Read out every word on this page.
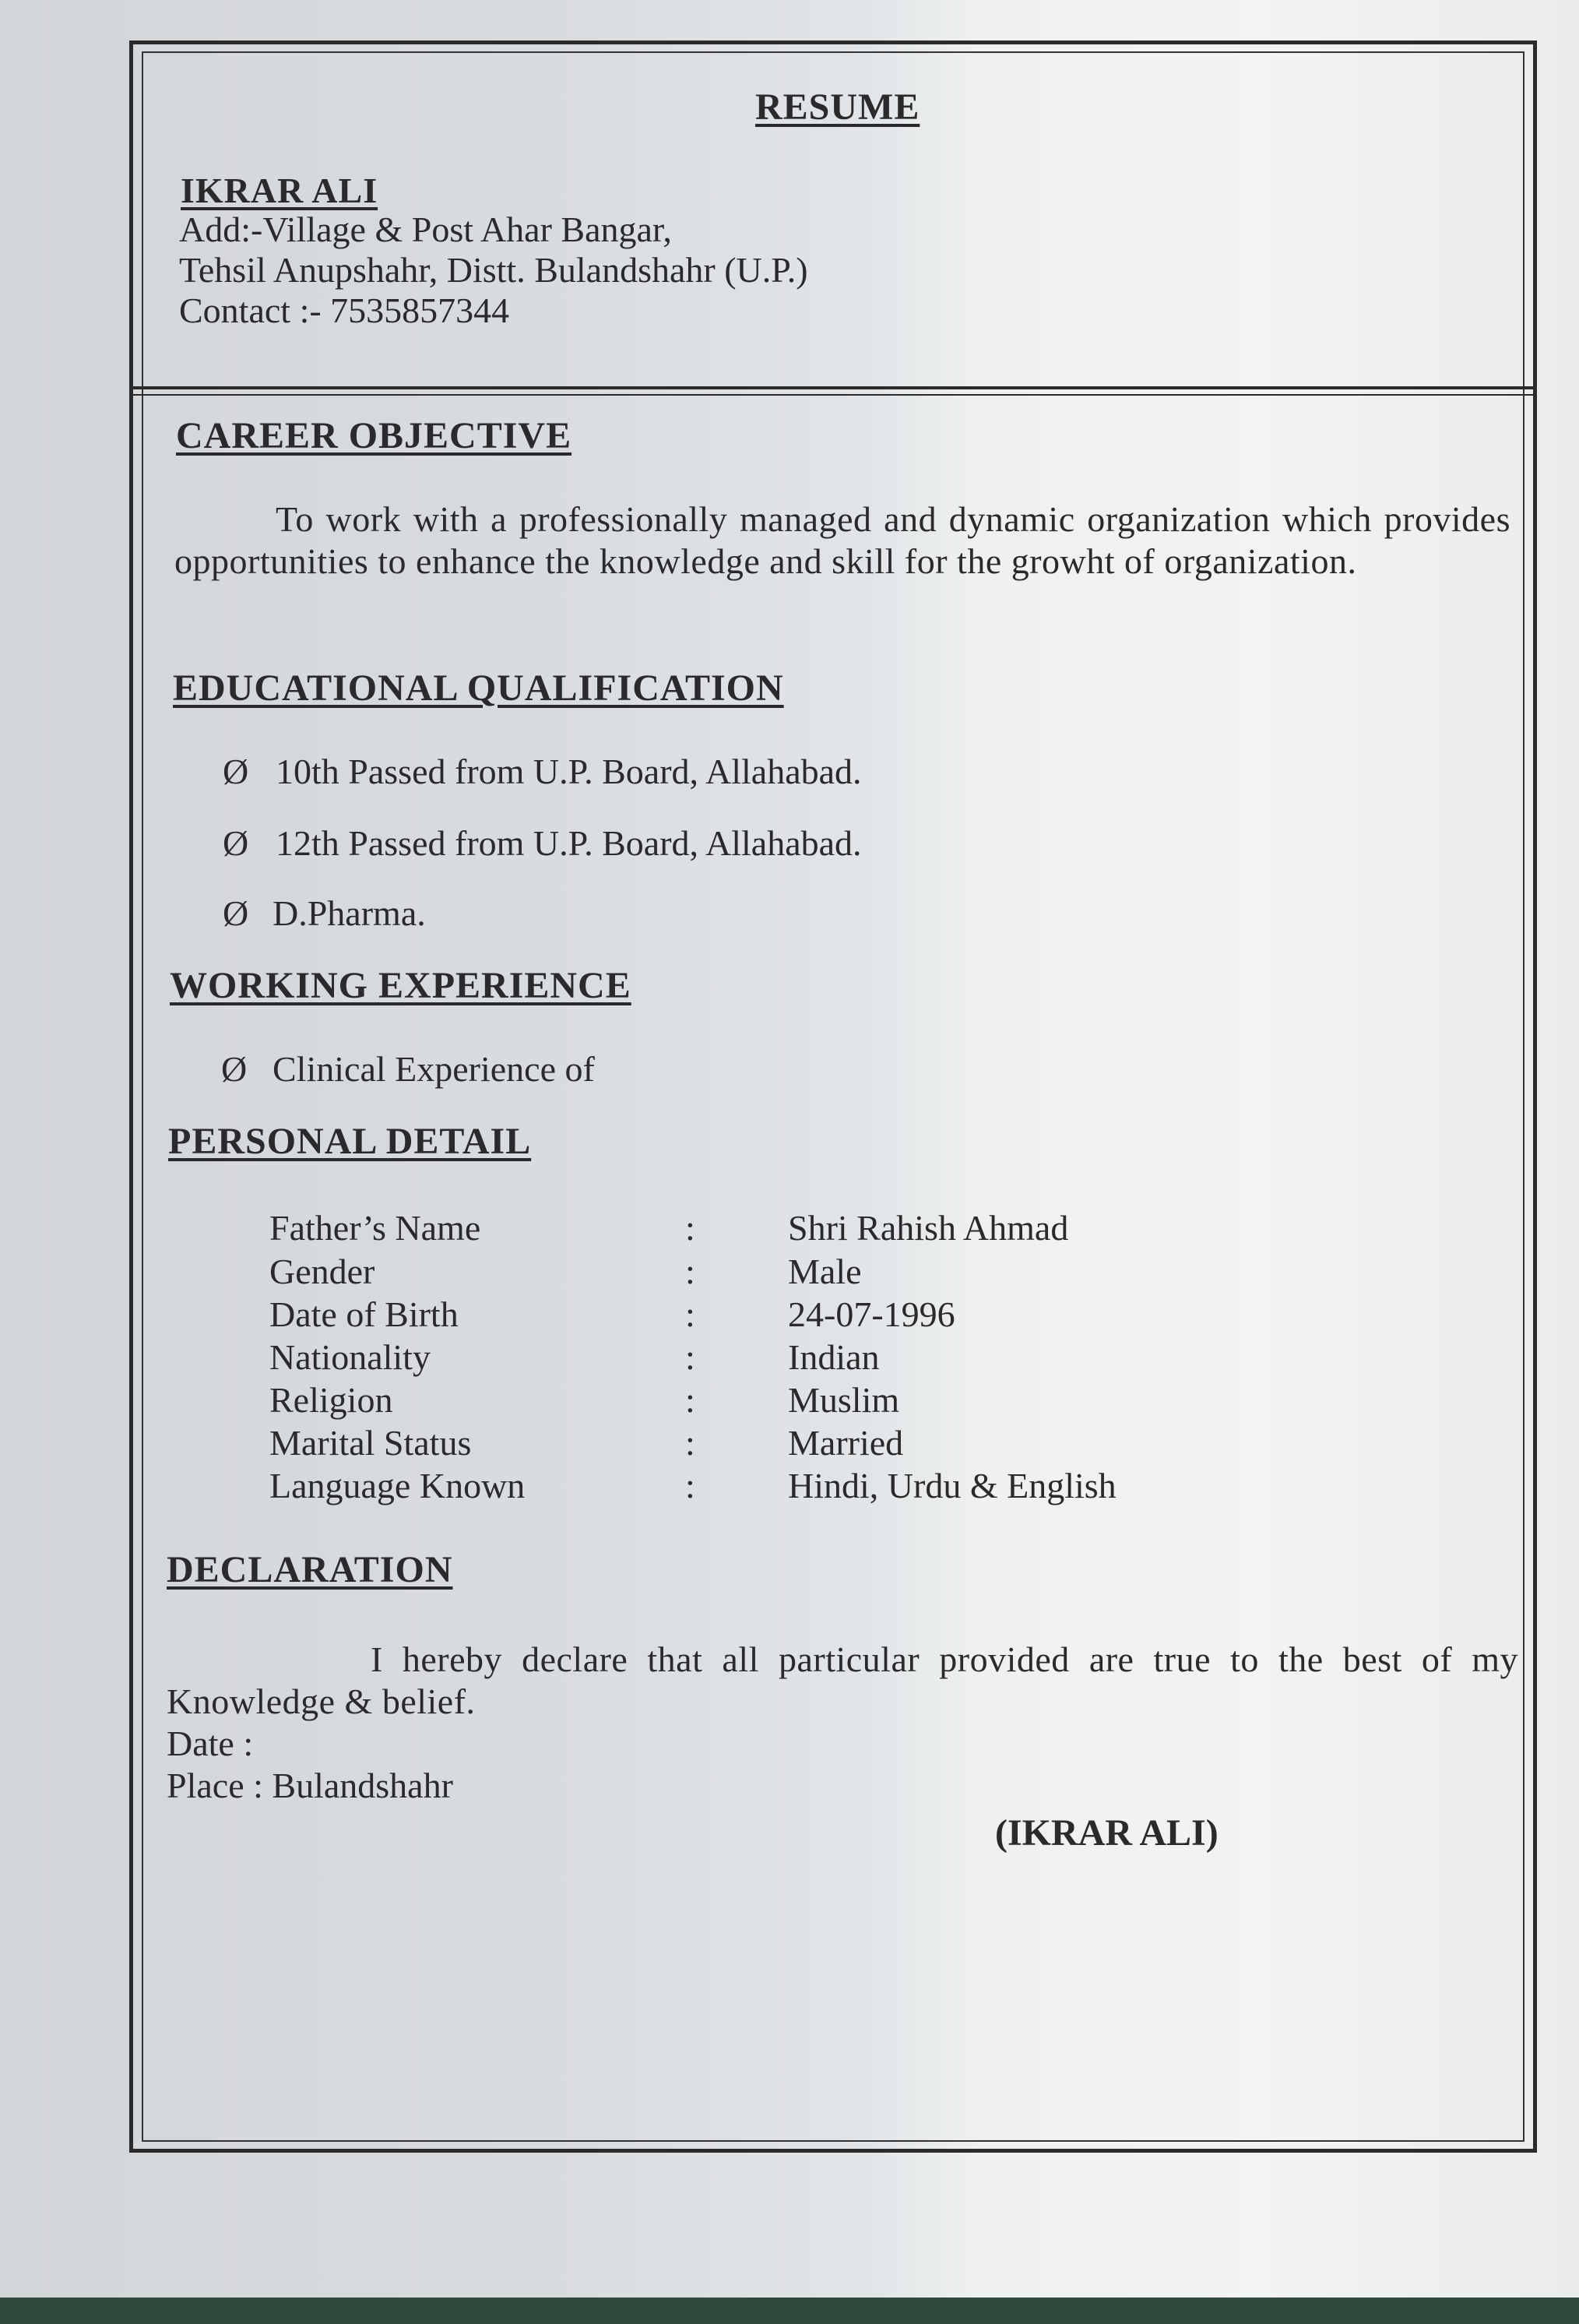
RESUME
IKRAR ALI
Add:-Village & Post Ahar Bangar,
Tehsil Anupshahr, Distt. Bulandshahr (U.P.)
Contact :- 7535857344
CAREER OBJECTIVE
To work with a professionally managed and dynamic organization which provides opportunities to enhance the knowledge and skill for the growht of organization.
EDUCATIONAL QUALIFICATION
Ø 10th Passed from U.P. Board, Allahabad.
Ø 12th Passed from U.P. Board, Allahabad.
Ø D.Pharma.
WORKING EXPERIENCE
Ø Clinical Experience of
PERSONAL DETAIL
Father’s Name	:	Shri Rahish Ahmad
Gender	:	Male
Date of Birth	:	24-07-1996
Nationality	:	Indian
Religion	:	Muslim
Marital Status	:	Married
Language Known	:	Hindi, Urdu & English
DECLARATION
I hereby declare that all particular provided are true to the best of my Knowledge & belief.
Date :
Place : Bulandshahr
(IKRAR ALI)
